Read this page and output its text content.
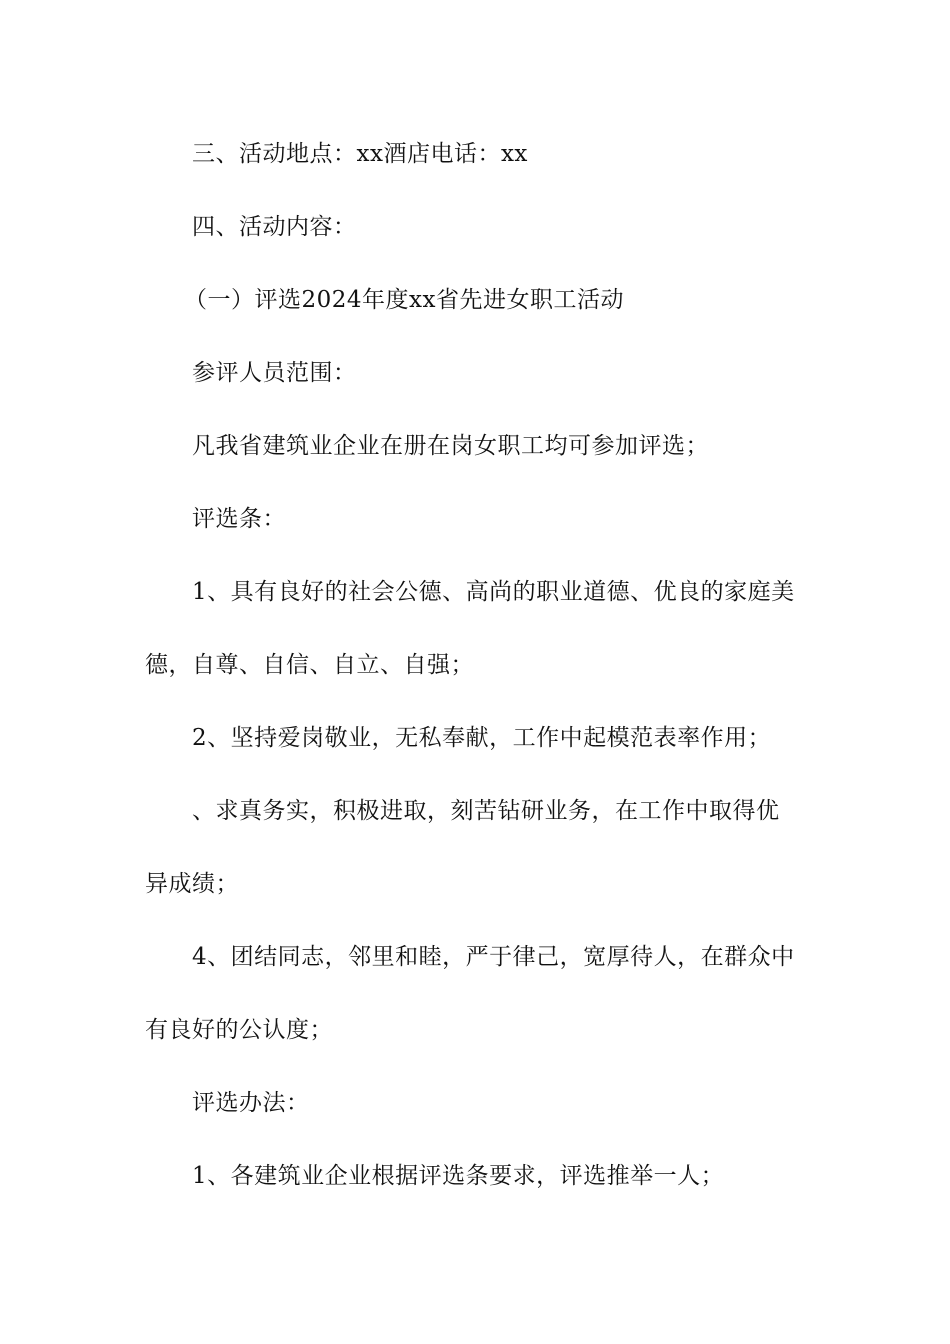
三、活动地点：xx酒店电话：xx
四、活动内容：
（一）评选2024年度xx省先进女职工活动
参评人员范围：
凡我省建筑业企业在册在岗女职工均可参加评选；
评选条：
1、具有良好的社会公德、高尚的职业道德、优良的家庭美
德，自尊、自信、自立、自强；
2、坚持爱岗敬业，无私奉献，工作中起模范表率作用；
、求真务实，积极进取，刻苦钻研业务，在工作中取得优
异成绩；
4、团结同志，邻里和睦，严于律己，宽厚待人，在群众中
有良好的公认度；
评选办法：
1、各建筑业企业根据评选条要求，评选推举一人；
